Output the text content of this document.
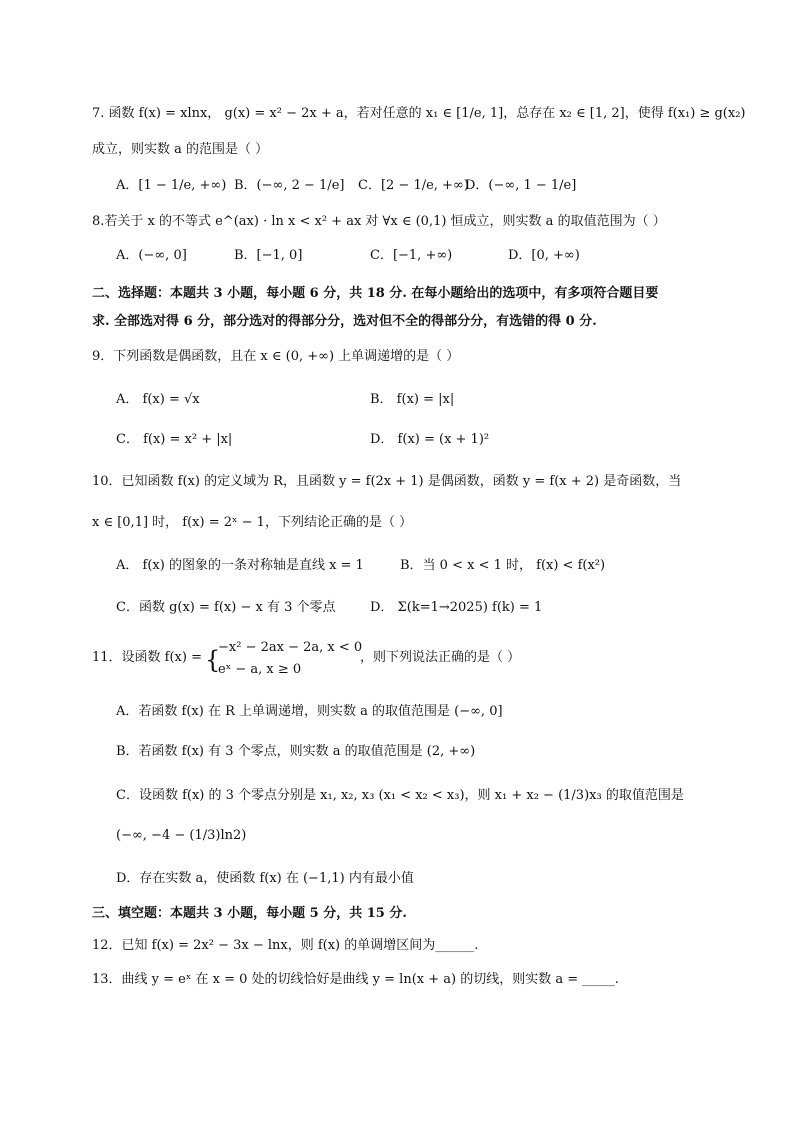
7. 函数 f(x) = xlnx， g(x) = x² − 2x + a，若对任意的 x₁ ∈ [1/e, 1]，总存在 x₂ ∈ [1, 2]，使得 f(x₁) ≥ g(x₂)
成立，则实数 a 的范围是（ ）
A．[1 − 1/e, +∞) B．(−∞, 2 − 1/e] C．[2 − 1/e, +∞)
D．(−∞, 1 − 1/e]
8.若关于 x 的不等式 e^(ax) · ln x < x² + ax 对 ∀x ∈ (0,1) 恒成立，则实数 a 的取值范围为（ ）
A．(−∞, 0]	B．[−1, 0]	C．[−1, +∞)	D．[0, +∞)
二、选择题：本题共 3 小题，每小题 6 分，共 18 分. 在每小题给出的选项中，有多项符合题目要
求. 全部选对得 6 分，部分选对的得部分分，选对但不全的得部分分，有选错的得 0 分.
9．下列函数是偶函数，且在 x ∈ (0, +∞) 上单调递增的是（ ）
A． f(x) = √x	B． f(x) = |x|
C． f(x) = x² + |x|	D． f(x) = (x + 1)²
10．已知函数 f(x) 的定义域为 R，且函数 y = f(2x + 1) 是偶函数，函数 y = f(x + 2) 是奇函数，当
x ∈ [0,1] 时， f(x) = 2ˣ − 1，下列结论正确的是（ ）
A． f(x) 的图象的一条对称轴是直线 x = 1	B．当 0 < x < 1 时， f(x) < f(x²)
C．函数 g(x) = f(x) − x 有 3 个零点	D． Σ(k=1→2025) f(k) = 1
11．设函数 f(x) = {
−x² − 2ax − 2a, x < 0
eˣ − a, x ≥ 0
，则下列说法正确的是（ ）
A．若函数 f(x) 在 R 上单调递增，则实数 a 的取值范围是 (−∞, 0]
B．若函数 f(x) 有 3 个零点，则实数 a 的取值范围是 (2, +∞)
C．设函数 f(x) 的 3 个零点分别是 x₁, x₂, x₃ (x₁ < x₂ < x₃)，则 x₁ + x₂ − (1/3)x₃ 的取值范围是
(−∞, −4 − (1/3)ln2)
D．存在实数 a，使函数 f(x) 在 (−1,1) 内有最小值
三、填空题：本题共 3 小题，每小题 5 分，共 15 分.
12．已知 f(x) = 2x² − 3x − lnx，则 f(x) 的单调增区间为______.
13．曲线 y = eˣ 在 x = 0 处的切线恰好是曲线 y = ln(x + a) 的切线，则实数 a = _____.
